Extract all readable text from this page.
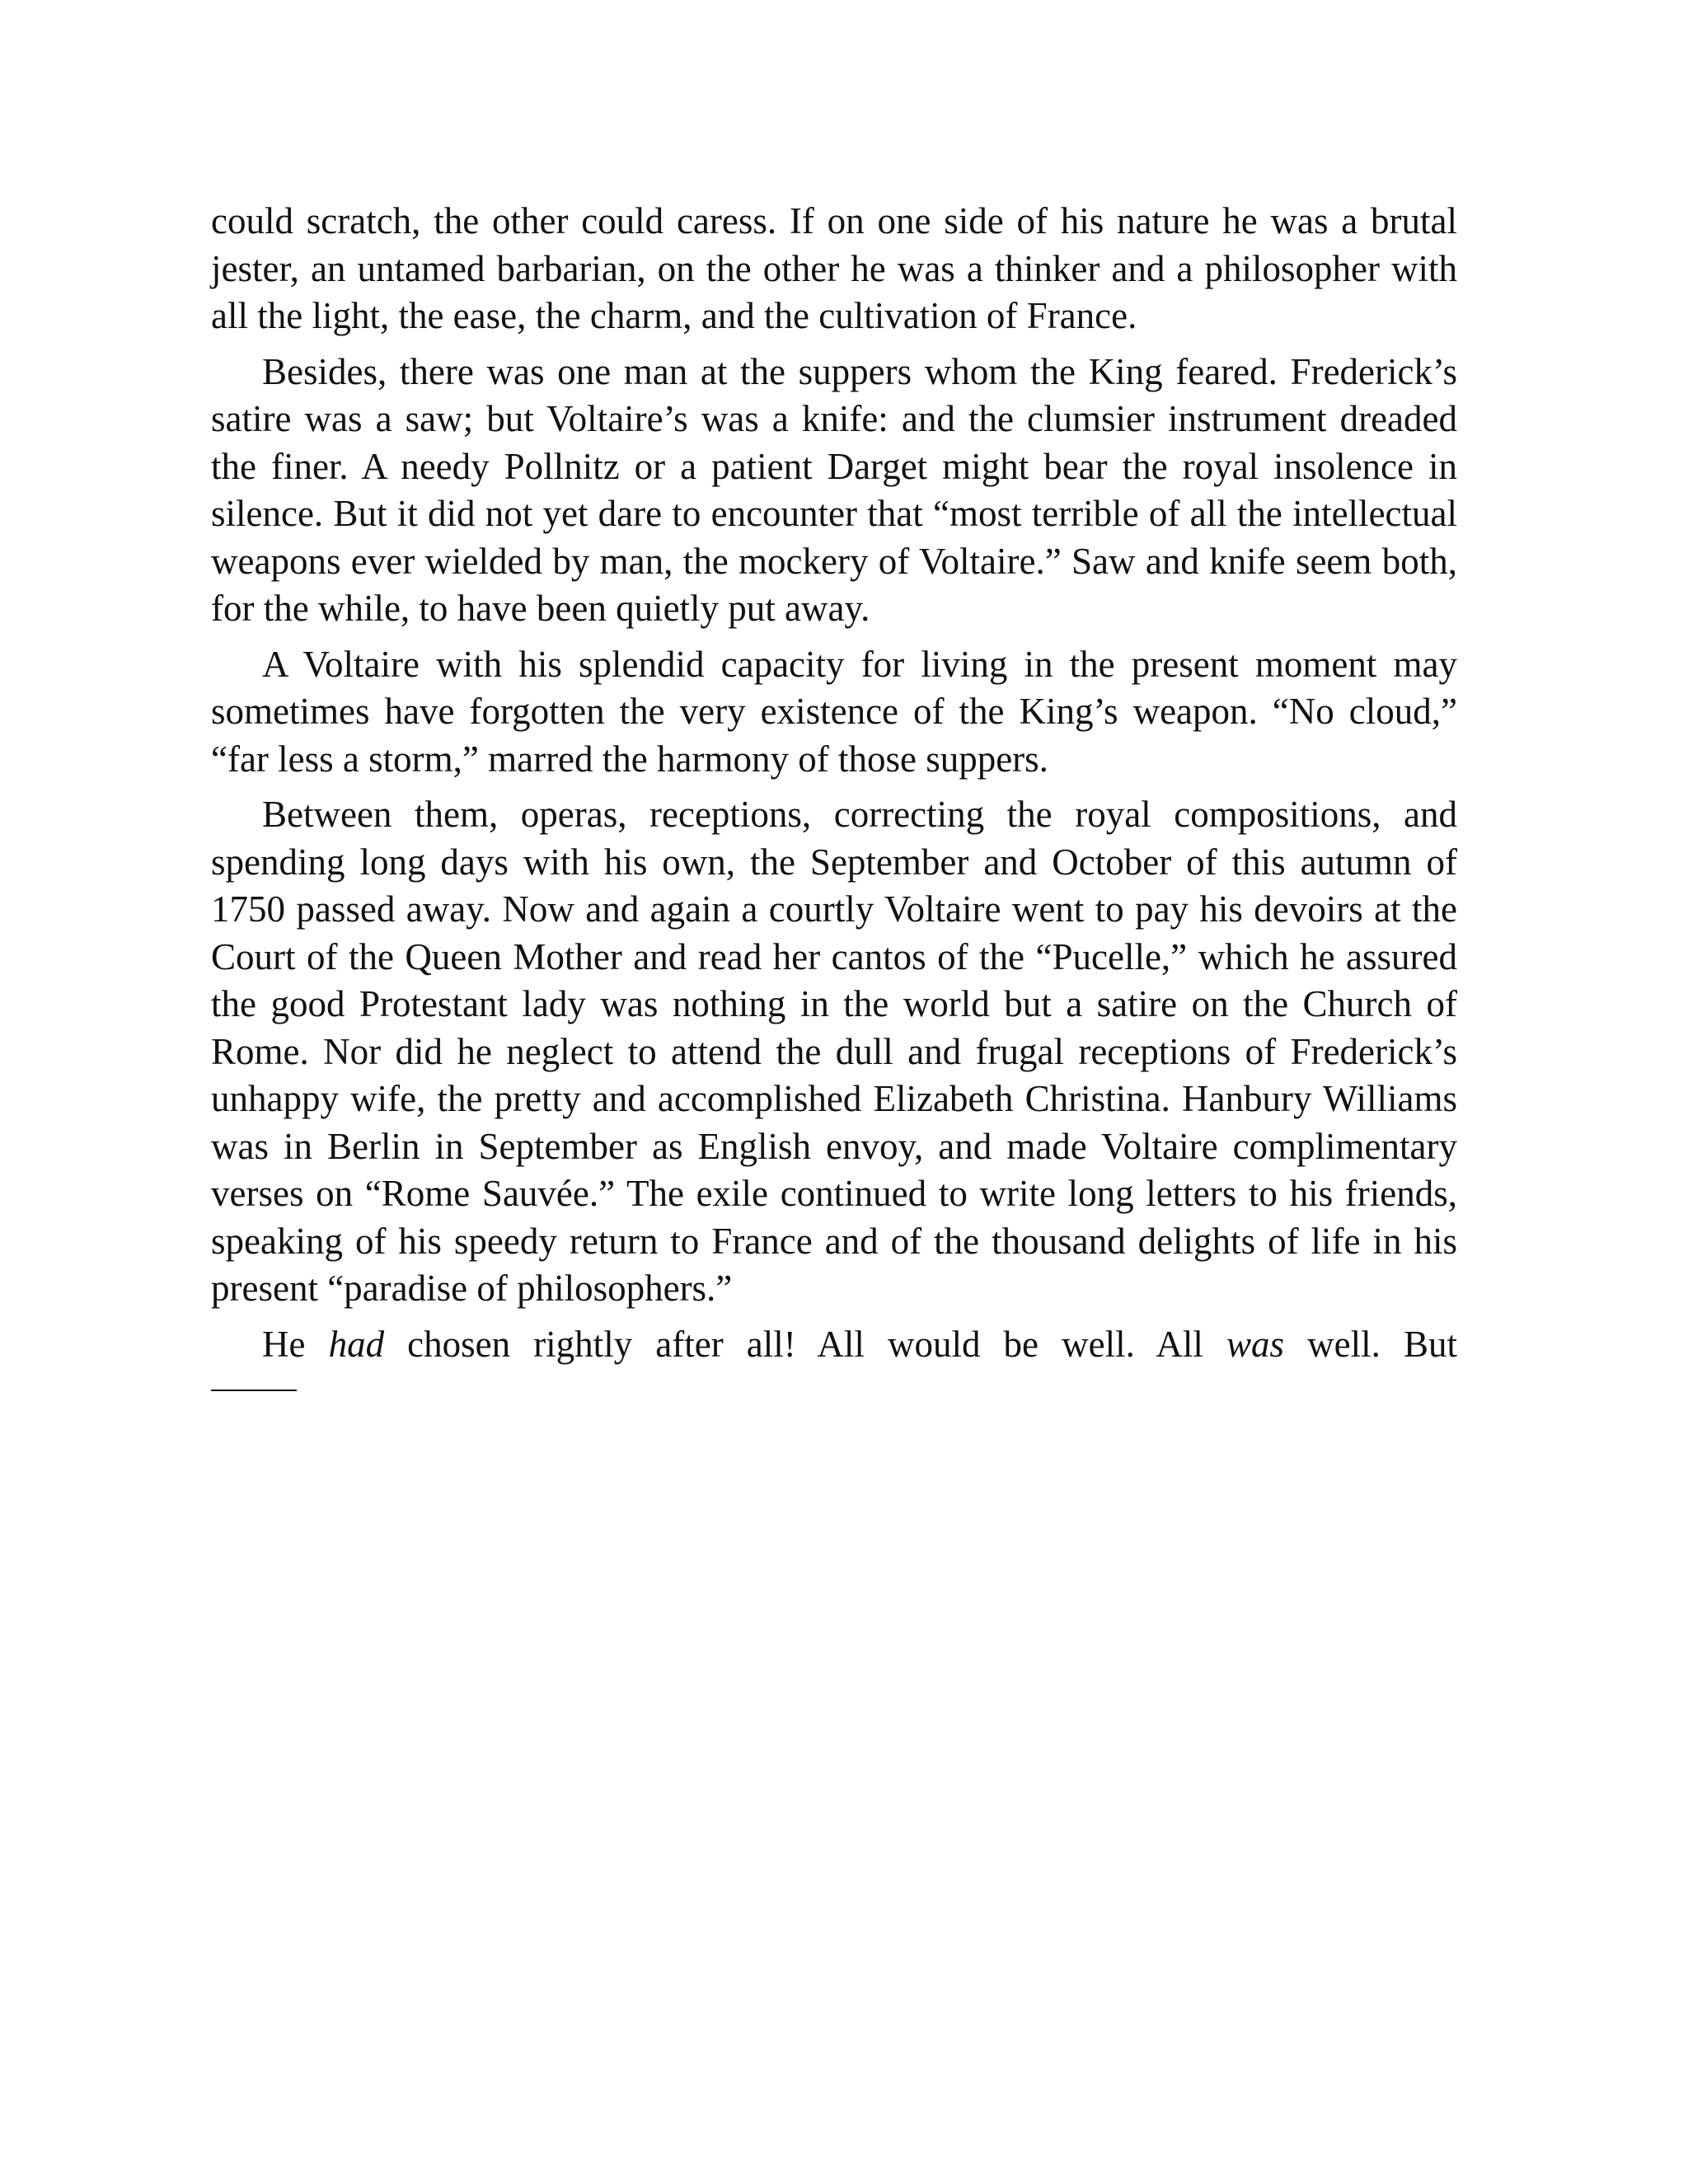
could scratch, the other could caress. If on one side of his nature he was a brutal jester, an untamed barbarian, on the other he was a thinker and a philosopher with all the light, the ease, the charm, and the cultivation of France.

Besides, there was one man at the suppers whom the King feared. Frederick’s satire was a saw; but Voltaire’s was a knife: and the clumsier instrument dreaded the finer. A needy Pollnitz or a patient Darget might bear the royal insolence in silence. But it did not yet dare to encounter that “most terrible of all the intellectual weapons ever wielded by man, the mockery of Voltaire.” Saw and knife seem both, for the while, to have been quietly put away.

A Voltaire with his splendid capacity for living in the present moment may sometimes have forgotten the very existence of the King’s weapon. “No cloud,” “far less a storm,” marred the harmony of those suppers.

Between them, operas, receptions, correcting the royal compositions, and spending long days with his own, the September and October of this autumn of 1750 passed away. Now and again a courtly Voltaire went to pay his devoirs at the Court of the Queen Mother and read her cantos of the “Pucelle,” which he assured the good Protestant lady was nothing in the world but a satire on the Church of Rome. Nor did he neglect to attend the dull and frugal receptions of Frederick’s unhappy wife, the pretty and accomplished Elizabeth Christina. Hanbury Williams was in Berlin in September as English envoy, and made Voltaire complimentary verses on “Rome Sauvée.” The exile continued to write long letters to his friends, speaking of his speedy return to France and of the thousand delights of life in his present “paradise of philosophers.”

He had chosen rightly after all! All would be well. All was well. But
